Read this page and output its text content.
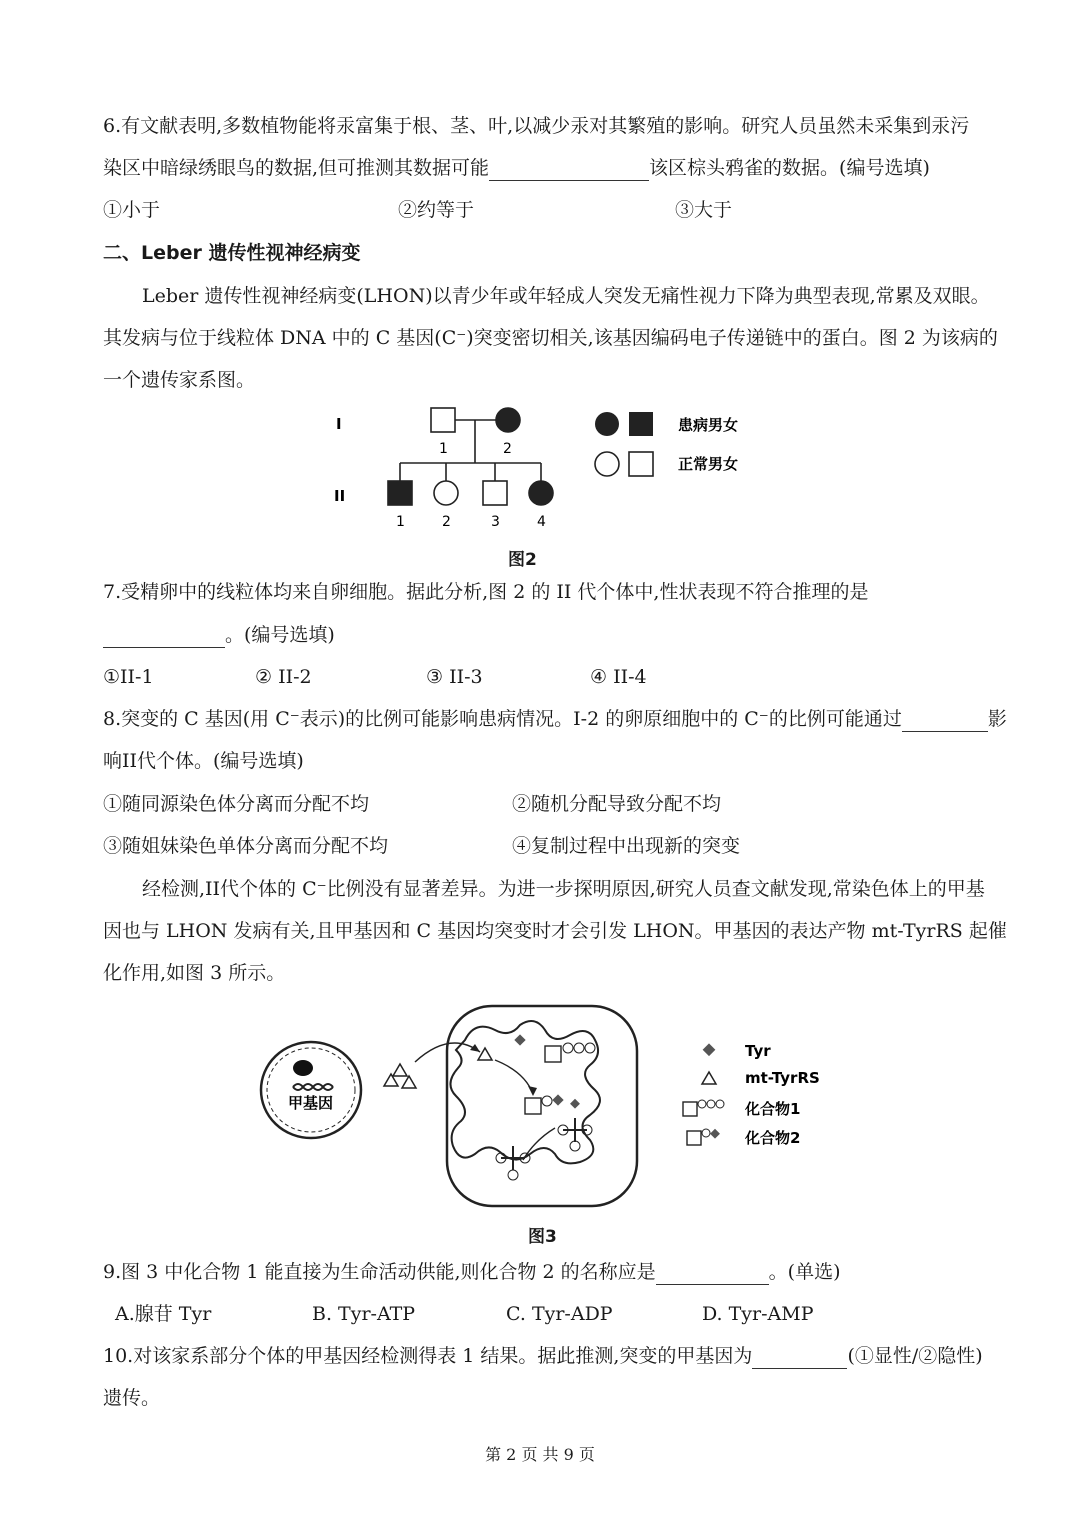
6.有文献表明,多数植物能将汞富集于根、茎、叶,以减少汞对其繁殖的影响。研究人员虽然未采集到汞污
染区中暗绿绣眼鸟的数据,但可推测其数据可能	该区棕头鸦雀的数据。(编号选填)
①小于	②约等于	③大于
二、Leber 遗传性视神经病变
Leber 遗传性视神经病变(LHON)以青少年或年轻成人突发无痛性视力下降为典型表现,常累及双眼。
其发病与位于线粒体 DNA 中的 C 基因(C⁻)突变密切相关,该基因编码电子传递链中的蛋白。图 2 为该病的
一个遗传家系图。
I
II
1	2
1	2	3	4
患病男女
正常男女
图2
7.受精卵中的线粒体均来自卵细胞。据此分析,图 2 的 II 代个体中,性状表现不符合推理的是
。(编号选填)
①II-1	② II-2	③ II-3	④ II-4
8.突变的 C 基因(用 C⁻表示)的比例可能影响患病情况。I-2 的卵原细胞中的 C⁻的比例可能通过	影
响II代个体。(编号选填)
①随同源染色体分离而分配不均	②随机分配导致分配不均
③随姐妹染色单体分离而分配不均	④复制过程中出现新的突变
经检测,II代个体的 C⁻比例没有显著差异。为进一步探明原因,研究人员查文献发现,常染色体上的甲基
因也与 LHON 发病有关,且甲基因和 C 基因均突变时才会引发 LHON。甲基因的表达产物 mt-TyrRS 起催
化作用,如图 3 所示。
甲基因
Tyr
mt-TyrRS
化合物1
化合物2
图3
9.图 3 中化合物 1 能直接为生命活动供能,则化合物 2 的名称应是	。(单选)
A.腺苷 Tyr	B. Tyr-ATP	C. Tyr-ADP	D. Tyr-AMP
10.对该家系部分个体的甲基因经检测得表 1 结果。据此推测,突变的甲基因为	(①显性/②隐性)
遗传。
第 2 页 共 9 页
